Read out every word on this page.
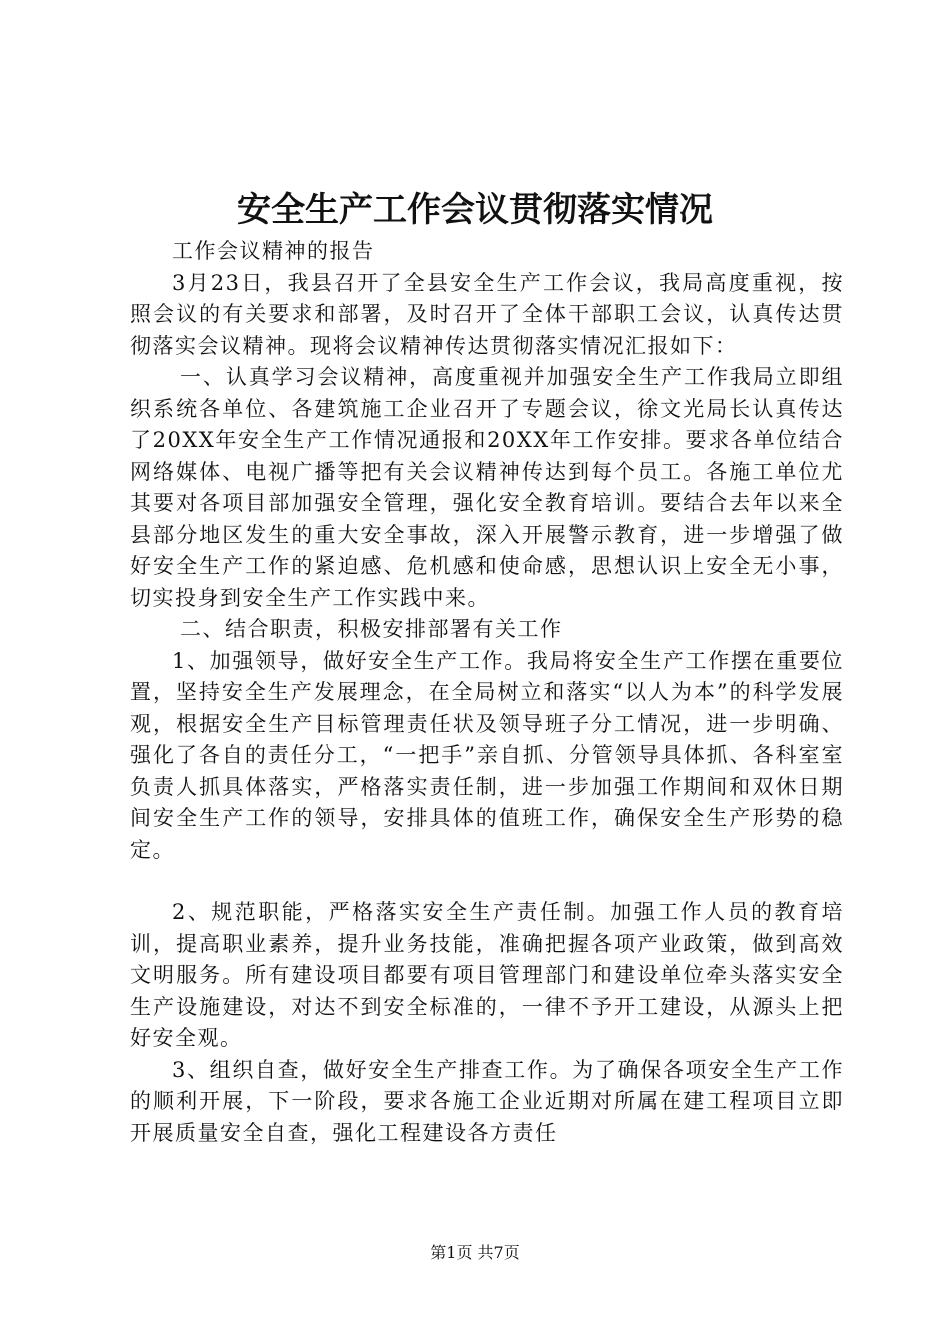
安全生产工作会议贯彻落实情况

工作会议精神的报告

3月23日，我县召开了全县安全生产工作会议，我局高度重视，按照会议的有关要求和部署，及时召开了全体干部职工会议，认真传达贯彻落实会议精神。现将会议精神传达贯彻落实情况汇报如下：

一、认真学习会议精神，高度重视并加强安全生产工作我局立即组织系统各单位、各建筑施工企业召开了专题会议，徐文光局长认真传达了20XX年安全生产工作情况通报和20XX年工作安排。要求各单位结合网络媒体、电视广播等把有关会议精神传达到每个员工。各施工单位尤其要对各项目部加强安全管理，强化安全教育培训。要结合去年以来全县部分地区发生的重大安全事故，深入开展警示教育，进一步增强了做好安全生产工作的紧迫感、危机感和使命感，思想认识上安全无小事，切实投身到安全生产工作实践中来。

二、结合职责，积极安排部署有关工作

1、加强领导，做好安全生产工作。我局将安全生产工作摆在重要位置，坚持安全生产发展理念，在全局树立和落实“以人为本”的科学发展观，根据安全生产目标管理责任状及领导班子分工情况，进一步明确、强化了各自的责任分工，“一把手”亲自抓、分管领导具体抓、各科室室负责人抓具体落实，严格落实责任制，进一步加强工作期间和双休日期间安全生产工作的领导，安排具体的值班工作，确保安全生产形势的稳定。

2、规范职能，严格落实安全生产责任制。加强工作人员的教育培训，提高职业素养，提升业务技能，准确把握各项产业政策，做到高效文明服务。所有建设项目都要有项目管理部门和建设单位牵头落实安全生产设施建设，对达不到安全标准的，一律不予开工建设，从源头上把好安全观。

3、组织自查，做好安全生产排查工作。为了确保各项安全生产工作的顺利开展，下一阶段，要求各施工企业近期对所属在建工程项目立即开展质量安全自查，强化工程建设各方责任

第1页 共7页
